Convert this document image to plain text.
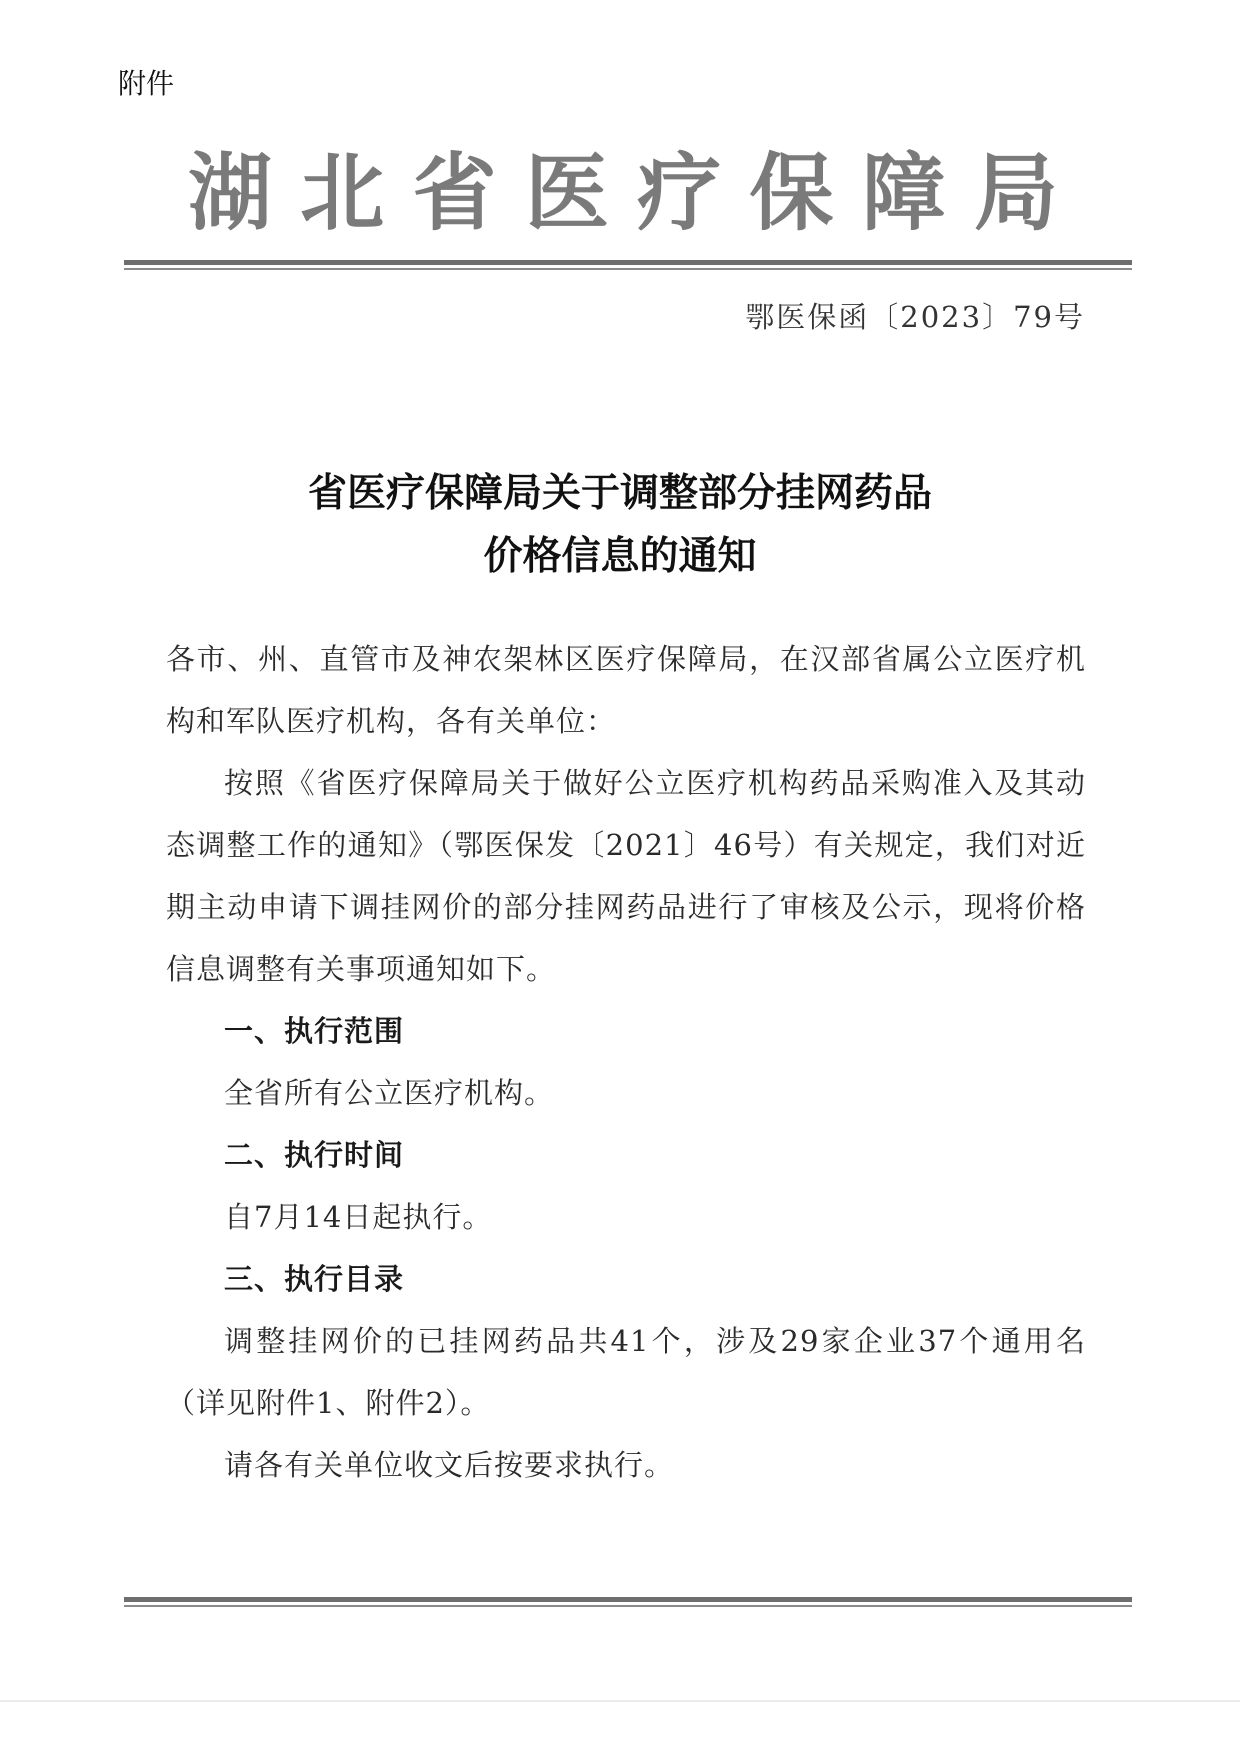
附件
湖 北 省 医 疗 保 障 局
鄂医保函〔2023〕79号
省医疗保障局关于调整部分挂网药品
价格信息的通知

各市、州、直管市及神农架林区医疗保障局，在汉部省属公立医疗机构和军队医疗机构，各有关单位：

按照《省医疗保障局关于做好公立医疗机构药品采购准入及其动态调整工作的通知》（鄂医保发〔2021〕46号）有关规定，我们对近期主动申请下调挂网价的部分挂网药品进行了审核及公示，现将价格信息调整有关事项通知如下。

一、执行范围

全省所有公立医疗机构。

二、执行时间

自7月14日起执行。

三、执行目录

调整挂网价的已挂网药品共41个，涉及29家企业37个通用名（详见附件1、附件2）。

请各有关单位收文后按要求执行。
